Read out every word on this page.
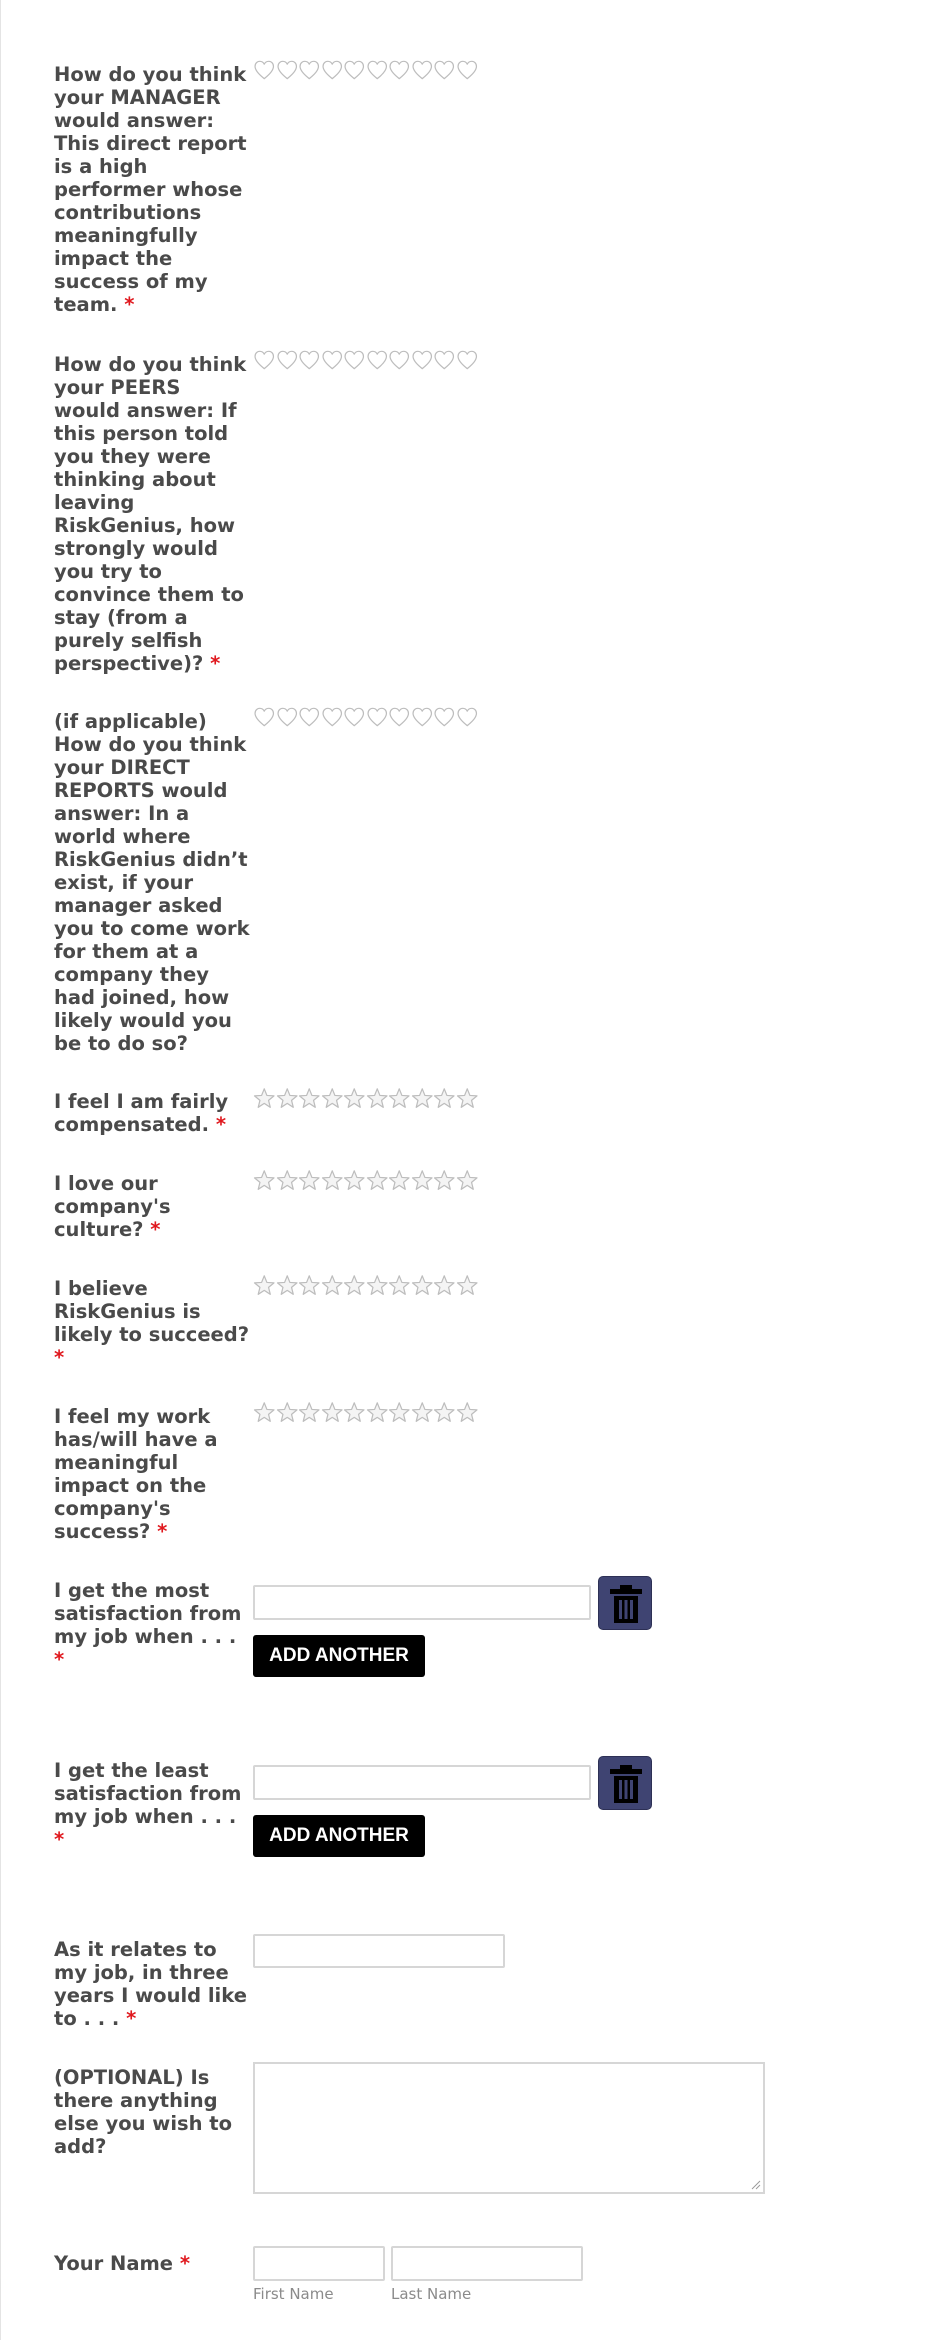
How do you think your MANAGER would answer: This direct report is a high performer whose contributions meaningfully impact the success of my team. *
How do you think your PEERS would answer: If this person told you they were thinking about leaving RiskGenius, how strongly would you try to convince them to stay (from a purely selfish perspective)? *
(if applicable) How do you think your DIRECT REPORTS would answer: In a world where RiskGenius didn’t exist, if your manager asked you to come work for them at a company they had joined, how likely would you be to do so?
I feel I am fairly compensated. *
I love our company's culture? *
I believe RiskGenius is likely to succeed? *
I feel my work has/will have a meaningful impact on the company's success? *
I get the most satisfaction from my job when . . . *	ADD ANOTHER
I get the least satisfaction from my job when . . . *	ADD ANOTHER
As it relates to my job, in three years I would like to . . . *
(OPTIONAL) Is there anything else you wish to add?
Your Name *
First Name	Last Name
